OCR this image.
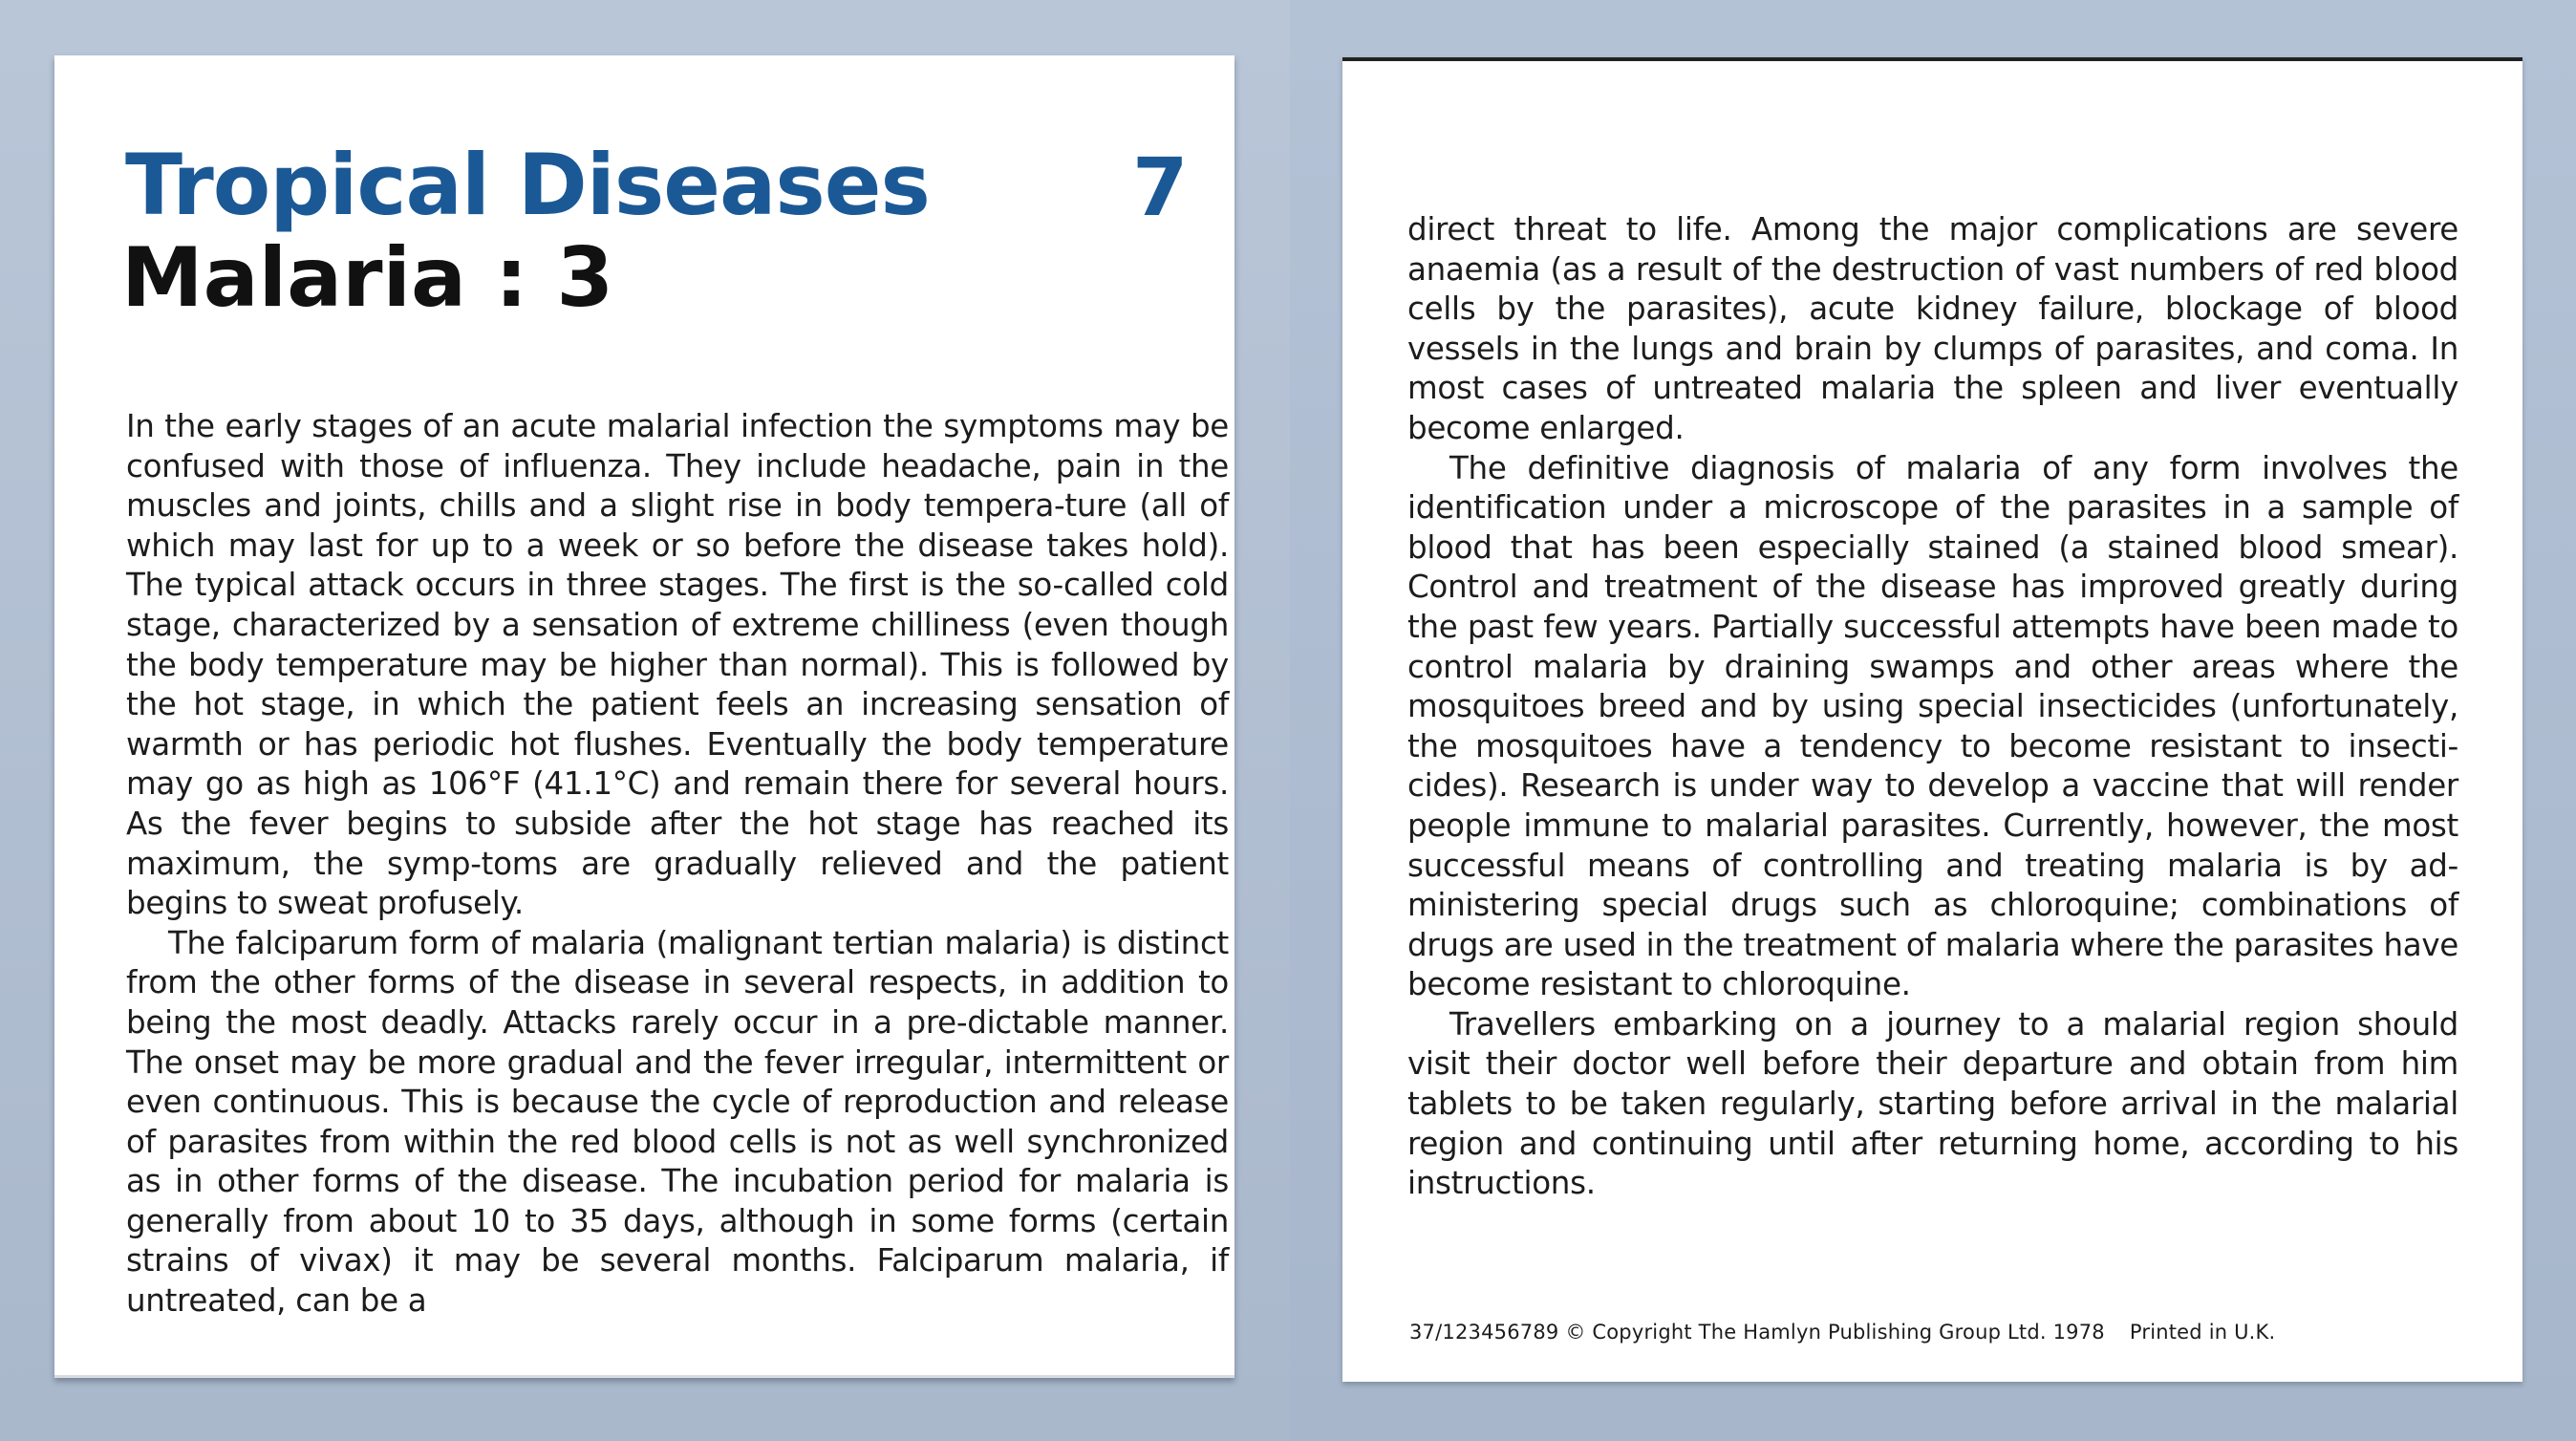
Tropical Diseases	7
Malaria : 3

In the early stages of an acute malarial infection the symptoms may be confused with those of influenza. They include headache, pain in the muscles and joints, chills and a slight rise in body tempera-ture (all of which may last for up to a week or so before the disease takes hold). The typical attack occurs in three stages. The first is the so-called cold stage, characterized by a sensation of extreme chilliness (even though the body temperature may be higher than normal). This is followed by the hot stage, in which the patient feels an increasing sensation of warmth or has periodic hot flushes. Eventually the body temperature may go as high as 106°F (41.1°C) and remain there for several hours. As the fever begins to subside after the hot stage has reached its maximum, the symp-toms are gradually relieved and the patient begins to sweat profusely.

The falciparum form of malaria (malignant tertian malaria) is distinct from the other forms of the disease in several respects, in addition to being the most deadly. Attacks rarely occur in a pre-dictable manner. The onset may be more gradual and the fever irregular, intermittent or even continuous. This is because the cycle of reproduction and release of parasites from within the red blood cells is not as well synchronized as in other forms of the disease. The incubation period for malaria is generally from about 10 to 35 days, although in some forms (certain strains of vivax) it may be several months. Falciparum malaria, if untreated, can be a

direct threat to life. Among the major complications are severe anaemia (as a result of the destruction of vast numbers of red blood cells by the parasites), acute kidney failure, blockage of blood vessels in the lungs and brain by clumps of parasites, and coma. In most cases of untreated malaria the spleen and liver eventually become enlarged.

The definitive diagnosis of malaria of any form involves the identification under a microscope of the parasites in a sample of blood that has been especially stained (a stained blood smear). Control and treatment of the disease has improved greatly during the past few years. Partially successful attempts have been made to control malaria by draining swamps and other areas where the mosquitoes breed and by using special insecticides (unfortunately, the mosquitoes have a tendency to become resistant to insecti-cides). Research is under way to develop a vaccine that will render people immune to malarial parasites. Currently, however, the most successful means of controlling and treating malaria is by ad-ministering special drugs such as chloroquine; combinations of drugs are used in the treatment of malaria where the parasites have become resistant to chloroquine.

Travellers embarking on a journey to a malarial region should visit their doctor well before their departure and obtain from him tablets to be taken regularly, starting before arrival in the malarial region and continuing until after returning home, according to his instructions.

37/123456789 © Copyright The Hamlyn Publishing Group Ltd. 1978 Printed in U.K.
